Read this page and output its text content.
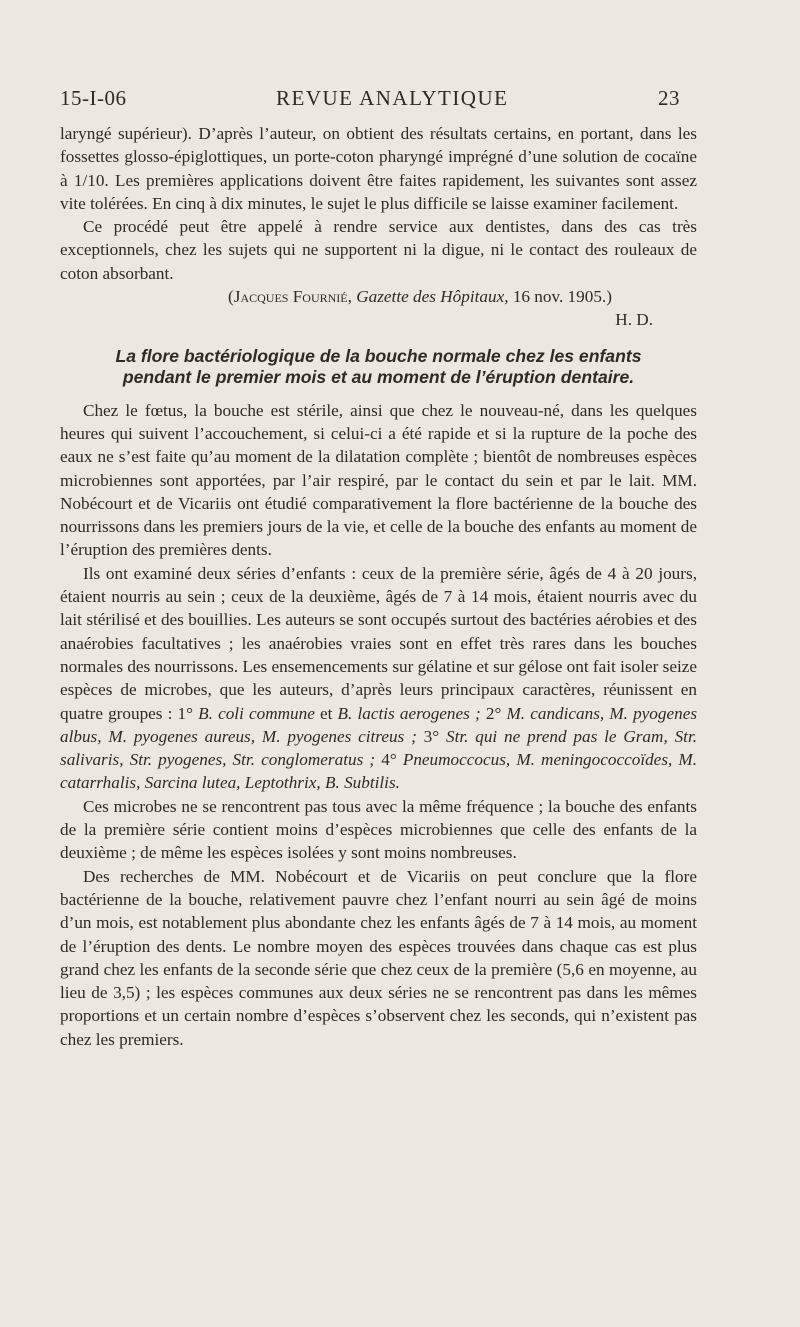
15-I-06	REVUE ANALYTIQUE	23

laryngé supérieur). D’après l’auteur, on obtient des résultats certains, en portant, dans les fossettes glosso-épiglottiques, un porte-coton pharyngé imprégné d’une solution de cocaïne à 1/10. Les premières applications doivent être faites rapidement, les suivantes sont assez vite tolérées. En cinq à dix minutes, le sujet le plus difficile se laisse examiner facilement.

Ce procédé peut être appelé à rendre service aux dentistes, dans des cas très exceptionnels, chez les sujets qui ne supportent ni la digue, ni le contact des rouleaux de coton absorbant.

(Jacques Fournié, Gazette des Hôpitaux, 16 nov. 1905.)

H. D.

La flore bactériologique de la bouche normale chez les enfants
pendant le premier mois et au moment de l’éruption dentaire.

Chez le fœtus, la bouche est stérile, ainsi que chez le nouveau-né, dans les quelques heures qui suivent l’accouchement, si celui-ci a été rapide et si la rupture de la poche des eaux ne s’est faite qu’au moment de la dilatation complète ; bientôt de nombreuses espèces microbiennes sont apportées, par l’air respiré, par le contact du sein et par le lait. MM. Nobécourt et de Vicariis ont étudié comparativement la flore bactérienne de la bouche des nourrissons dans les premiers jours de la vie, et celle de la bouche des enfants au moment de l’éruption des premières dents.

Ils ont examiné deux séries d’enfants : ceux de la première série, âgés de 4 à 20 jours, étaient nourris au sein ; ceux de la deuxième, âgés de 7 à 14 mois, étaient nourris avec du lait stérilisé et des bouillies. Les auteurs se sont occupés surtout des bactéries aérobies et des anaérobies facultatives ; les anaérobies vraies sont en effet très rares dans les bouches normales des nourrissons. Les ensemencements sur gélatine et sur gélose ont fait isoler seize espèces de microbes, que les auteurs, d’après leurs principaux caractères, réunissent en quatre groupes : 1° B. coli commune et B. lactis aerogenes ; 2° M. candicans, M. pyogenes albus, M. pyogenes aureus, M. pyogenes citreus ; 3° Str. qui ne prend pas le Gram, Str. salivaris, Str. pyogenes, Str. conglomeratus ; 4° Pneumoccocus, M. meningococcoïdes, M. catarrhalis, Sarcina lutea, Leptothrix, B. Subtilis.

Ces microbes ne se rencontrent pas tous avec la même fréquence ; la bouche des enfants de la première série contient moins d’espèces microbiennes que celle des enfants de la deuxième ; de même les espèces isolées y sont moins nombreuses.

Des recherches de MM. Nobécourt et de Vicariis on peut conclure que la flore bactérienne de la bouche, relativement pauvre chez l’enfant nourri au sein âgé de moins d’un mois, est notablement plus abondante chez les enfants âgés de 7 à 14 mois, au moment de l’éruption des dents. Le nombre moyen des espèces trouvées dans chaque cas est plus grand chez les enfants de la seconde série que chez ceux de la première (5,6 en moyenne, au lieu de 3,5) ; les espèces communes aux deux séries ne se rencontrent pas dans les mêmes proportions et un certain nombre d’espèces s’observent chez les seconds, qui n’existent pas chez les premiers.
